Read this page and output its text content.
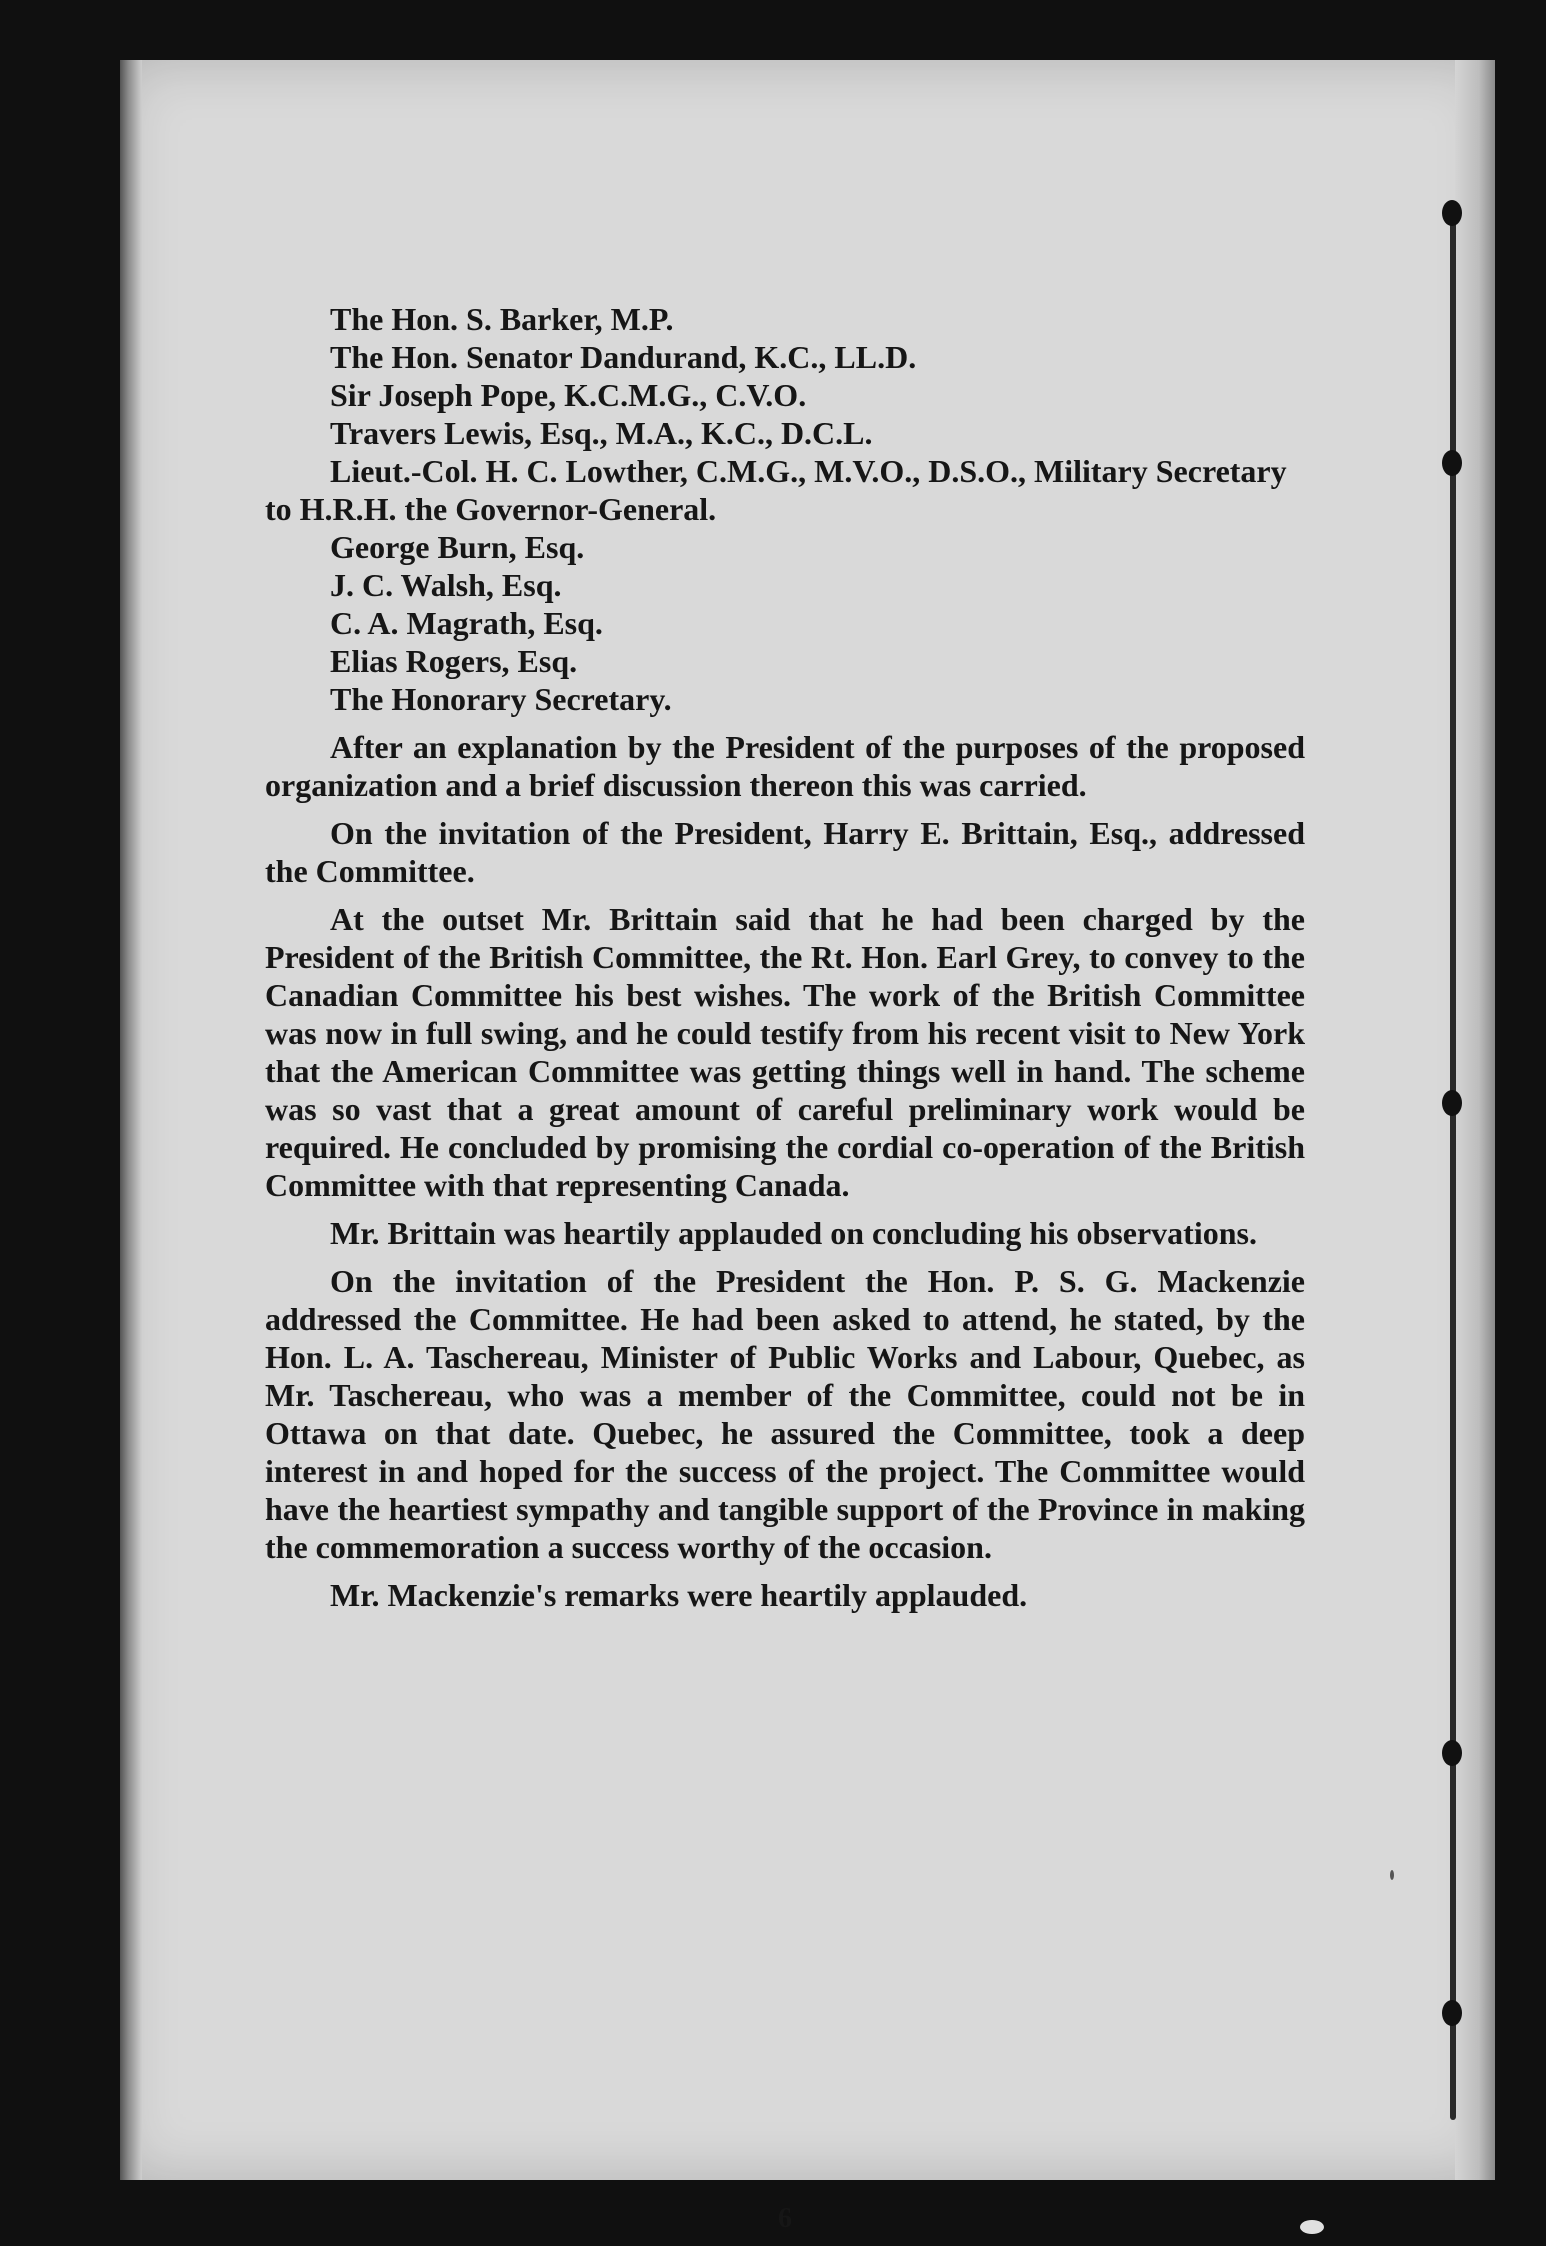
The Hon. S. Barker, M.P.

The Hon. Senator Dandurand, K.C., LL.D.

Sir Joseph Pope, K.C.M.G., C.V.O.

Travers Lewis, Esq., M.A., K.C., D.C.L.

Lieut.-Col. H. C. Lowther, C.M.G., M.V.O., D.S.O., Military Secretary to H.R.H. the Governor-General.

George Burn, Esq.

J. C. Walsh, Esq.

C. A. Magrath, Esq.

Elias Rogers, Esq.

The Honorary Secretary.

After an explanation by the President of the purposes of the proposed organization and a brief discussion thereon this was carried.

On the invitation of the President, Harry E. Brittain, Esq., addressed the Committee.

At the outset Mr. Brittain said that he had been charged by the President of the British Committee, the Rt. Hon. Earl Grey, to convey to the Canadian Committee his best wishes. The work of the British Committee was now in full swing, and he could testify from his recent visit to New York that the American Committee was getting things well in hand. The scheme was so vast that a great amount of careful preliminary work would be required. He concluded by promising the cordial co-operation of the British Committee with that representing Canada.

Mr. Brittain was heartily applauded on concluding his observations.

On the invitation of the President the Hon. P. S. G. Mackenzie addressed the Committee. He had been asked to attend, he stated, by the Hon. L. A. Taschereau, Minister of Public Works and Labour, Quebec, as Mr. Taschereau, who was a member of the Committee, could not be in Ottawa on that date. Quebec, he assured the Committee, took a deep interest in and hoped for the success of the project. The Committee would have the heartiest sympathy and tangible support of the Province in making the commemoration a success worthy of the occasion.

Mr. Mackenzie's remarks were heartily applauded.

6
